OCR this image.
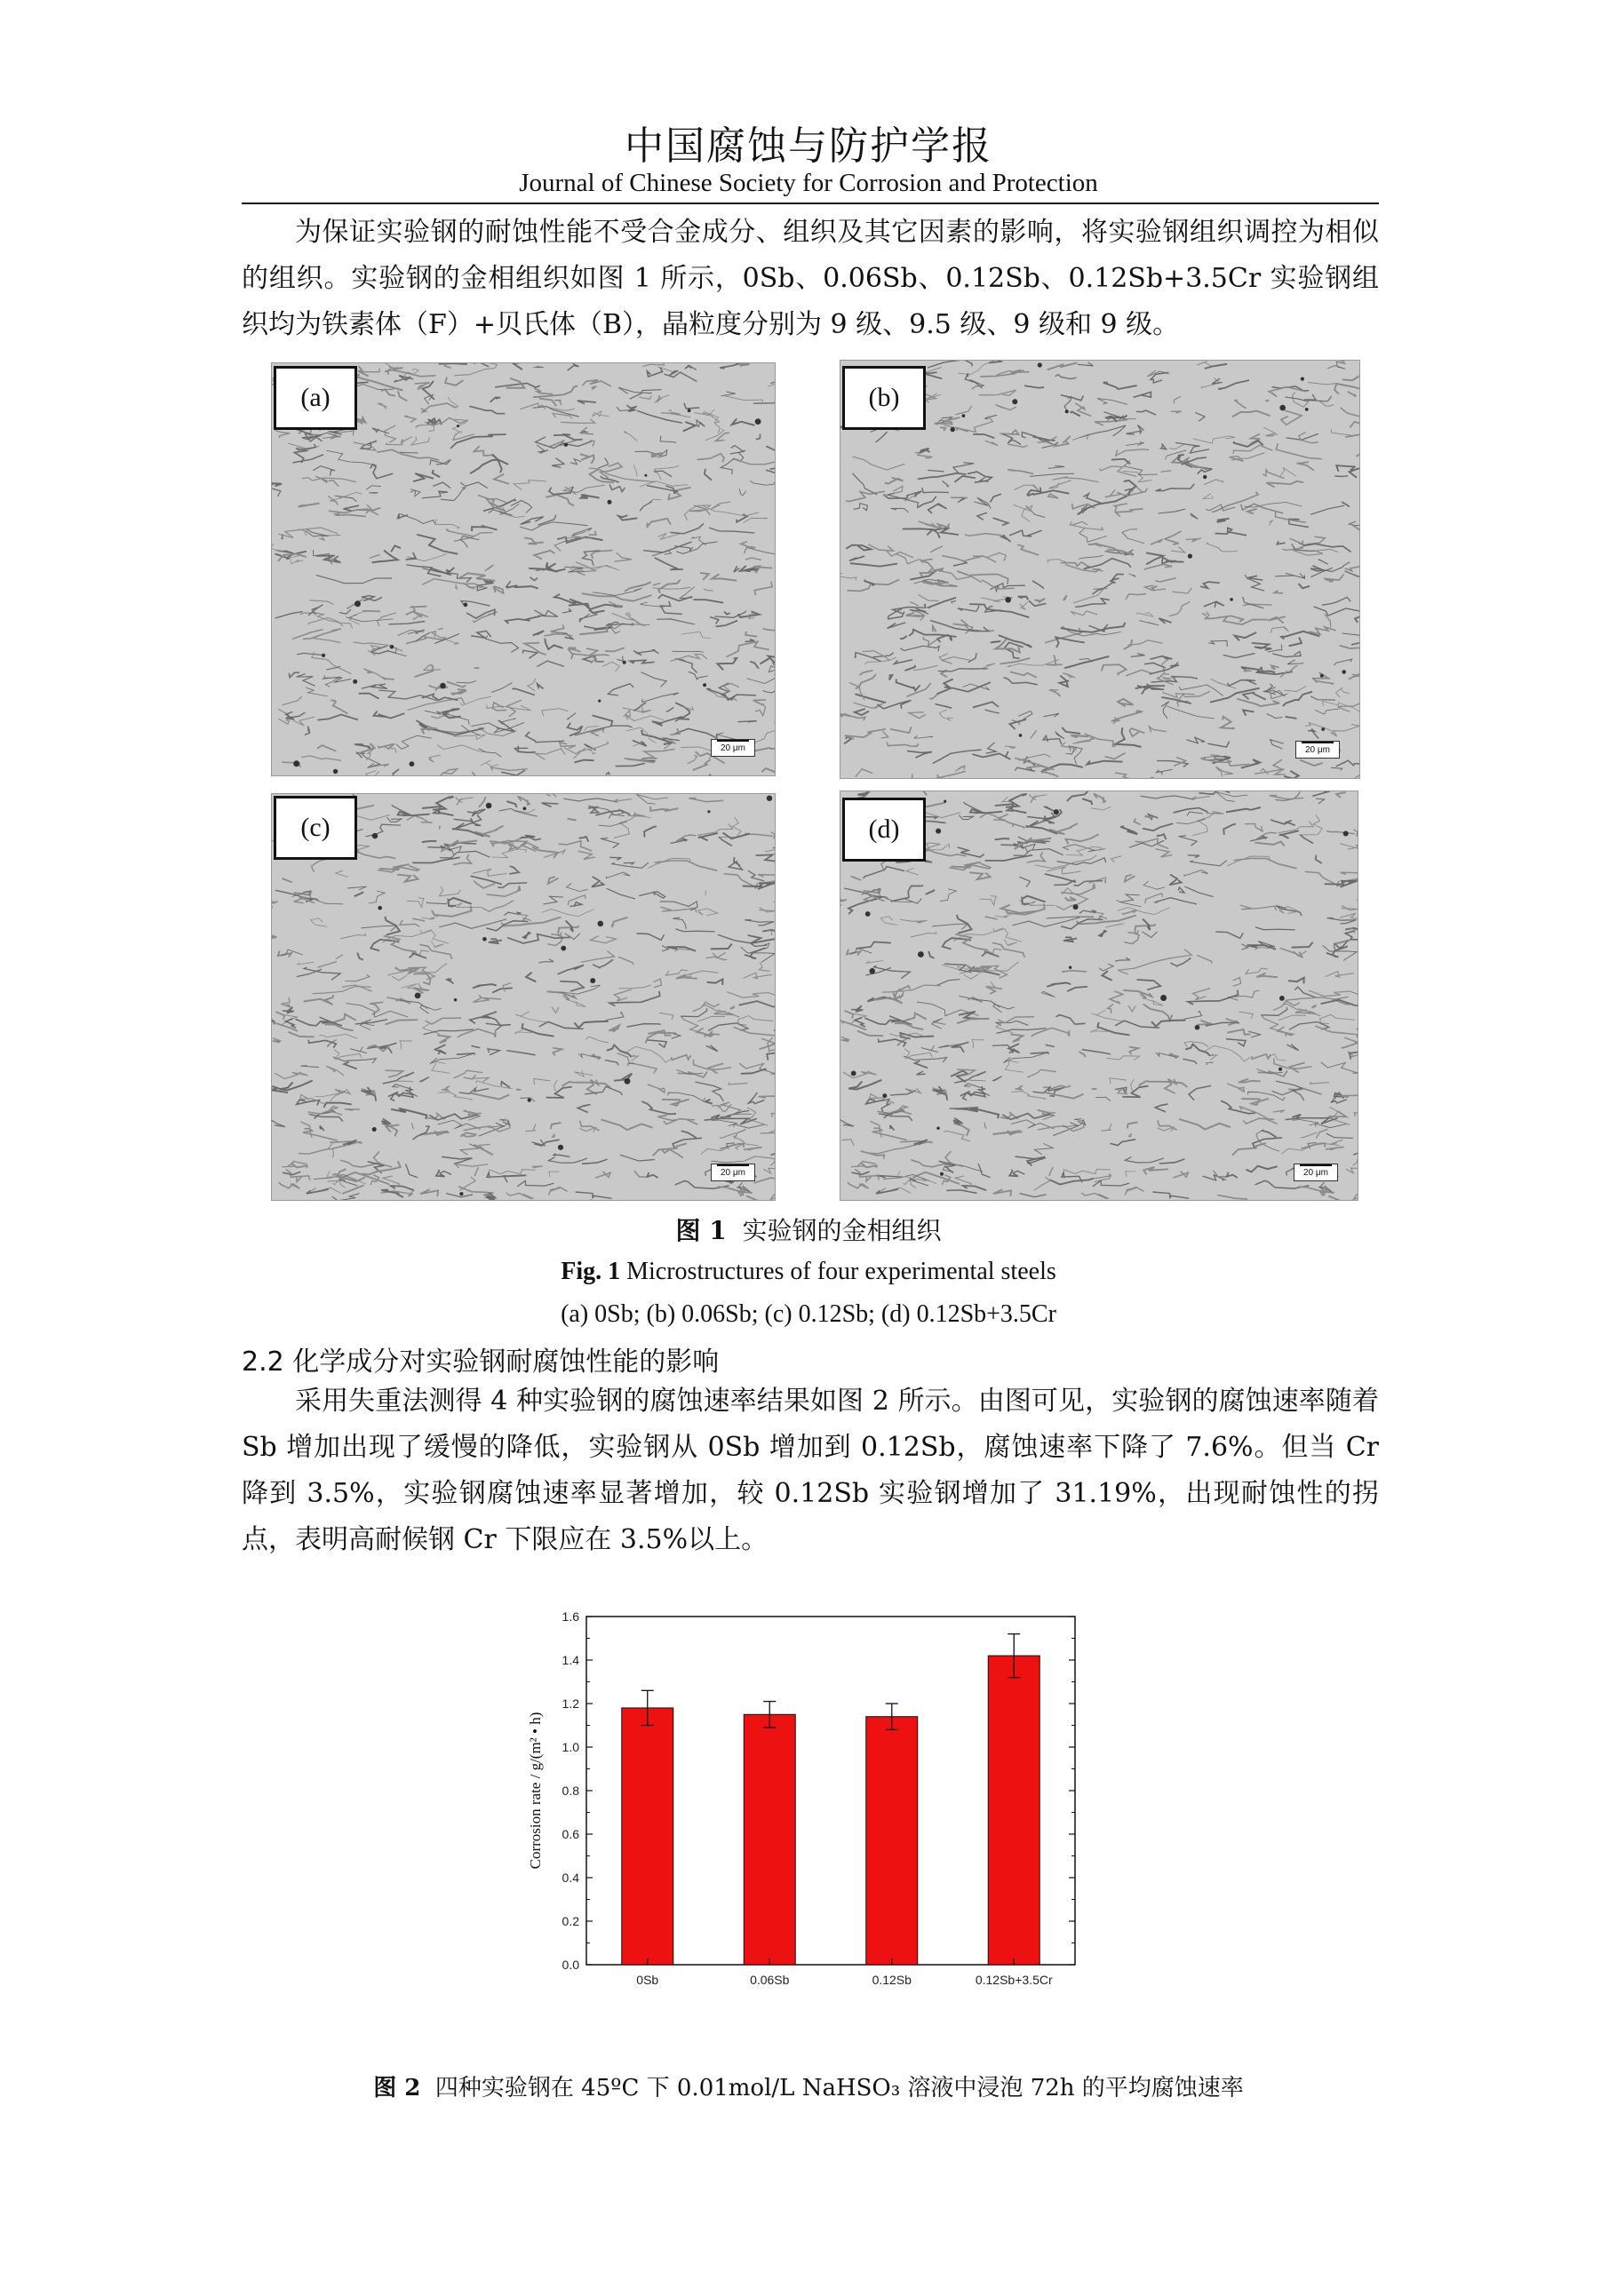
中国腐蚀与防护学报
Journal of Chinese Society for Corrosion and Protection
为保证实验钢的耐蚀性能不受合金成分、组织及其它因素的影响，将实验钢组织调控为相似的组织。实验钢的金相组织如图 1 所示，0Sb、0.06Sb、0.12Sb、0.12Sb+3.5Cr 实验钢组织均为铁素体（F）+贝氏体（B），晶粒度分别为 9 级、9.5 级、9 级和 9 级。
(a)
20 μm
(b)
20 μm
(c)
20 μm
(d)
20 μm
图 1 实验钢的金相组织
Fig. 1 Microstructures of four experimental steels
(a) 0Sb; (b) 0.06Sb; (c) 0.12Sb; (d) 0.12Sb+3.5Cr
2.2 化学成分对实验钢耐腐蚀性能的影响
采用失重法测得 4 种实验钢的腐蚀速率结果如图 2 所示。由图可见，实验钢的腐蚀速率随着 Sb 增加出现了缓慢的降低，实验钢从 0Sb 增加到 0.12Sb，腐蚀速率下降了 7.6%。但当 Cr 降到 3.5%，实验钢腐蚀速率显著增加，较 0.12Sb 实验钢增加了 31.19%，出现耐蚀性的拐点，表明高耐候钢 Cr 下限应在 3.5%以上。
0.0
0.2
0.4
0.6
0.8
1.0
1.2
1.4
1.6
Corrosion rate / g/(m² • h)
0Sb	0.06Sb	0.12Sb	0.12Sb+3.5Cr
图 2 四种实验钢在 45ºC 下 0.01mol/L NaHSO₃ 溶液中浸泡 72h 的平均腐蚀速率
